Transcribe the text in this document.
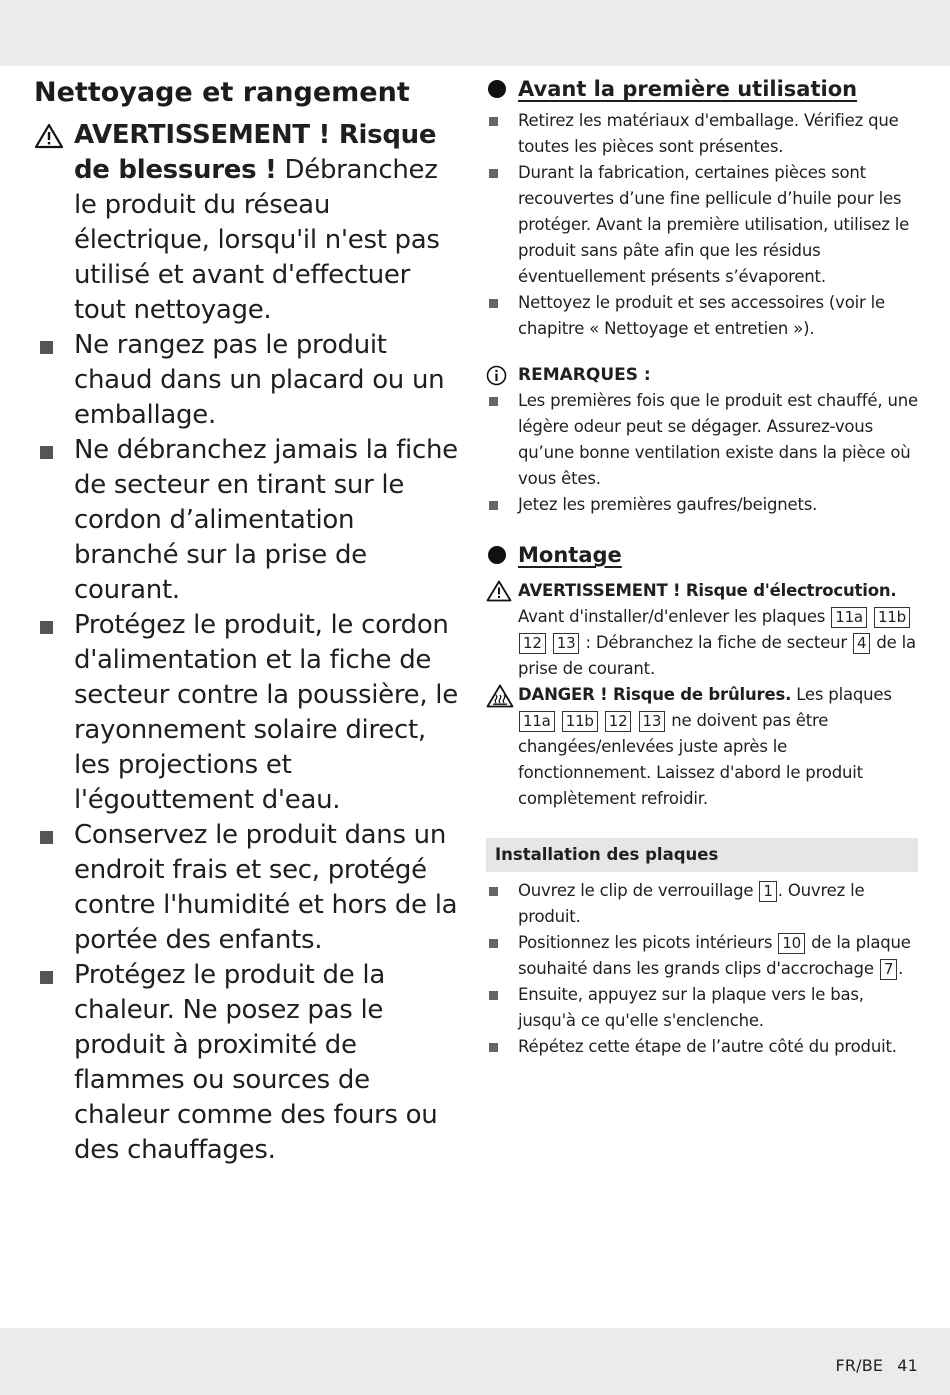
Nettoyage et rangement
AVERTISSEMENT ! Risque de blessures ! Débranchez le produit du réseau électrique, lorsqu'il n'est pas utilisé et avant d'effectuer tout nettoyage.
Ne rangez pas le produit chaud dans un placard ou un emballage.
Ne débranchez jamais la fiche de secteur en tirant sur le cordon d’alimentation branché sur la prise de courant.
Protégez le produit, le cordon d'alimentation et la fiche de secteur contre la poussière, le rayonnement solaire direct, les projections et l'égouttement d'eau.
Conservez le produit dans un endroit frais et sec, protégé contre l'humidité et hors de la portée des enfants.
Protégez le produit de la chaleur. Ne posez pas le produit à proximité de flammes ou sources de chaleur comme des fours ou des chauffages.
Avant la première utilisation
Retirez les matériaux d'emballage. Vérifiez que toutes les pièces sont présentes.
Durant la fabrication, certaines pièces sont recouvertes d’une fine pellicule d’huile pour les protéger. Avant la première utilisation, utilisez le produit sans pâte afin que les résidus éventuellement présents s’évaporent.
Nettoyez le produit et ses accessoires (voir le chapitre « Nettoyage et entretien »).
REMARQUES :
Les premières fois que le produit est chauffé, une légère odeur peut se dégager. Assurez-vous qu’une bonne ventilation existe dans la pièce où vous êtes.
Jetez les premières gaufres/beignets.
Montage
AVERTISSEMENT ! Risque d'électrocution. Avant d'installer/d'enlever les plaques 11a 11b 12 13 : Débranchez la fiche de secteur 4 de la prise de courant.
DANGER ! Risque de brûlures. Les plaques 11a 11b 12 13 ne doivent pas être changées/enlevées juste après le fonctionnement. Laissez d'abord le produit complètement refroidir.
Installation des plaques
Ouvrez le clip de verrouillage 1 . Ouvrez le produit.
Positionnez les picots intérieurs 10 de la plaque souhaité dans les grands clips d'accrochage 7 .
Ensuite, appuyez sur la plaque vers le bas, jusqu'à ce qu'elle s'enclenche.
Répétez cette étape de l’autre côté du produit.
FR/BE 41
